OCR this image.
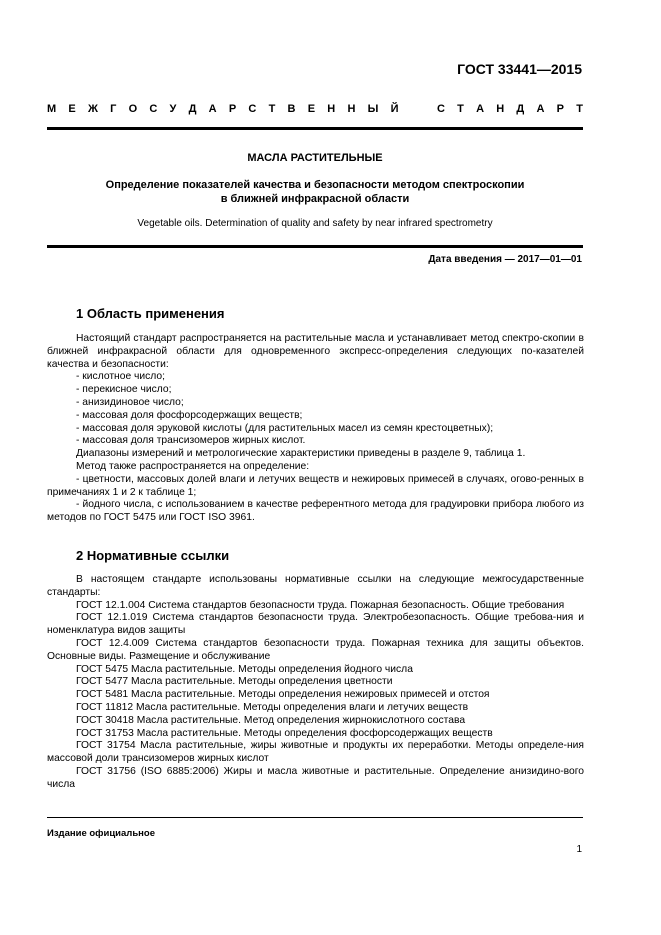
ГОСТ 33441—2015
М Е Ж Г О С У Д А Р С Т В Е Н Н Ы Й	С Т А Н Д А Р Т
МАСЛА РАСТИТЕЛЬНЫЕ
Определение показателей качества и безопасности методом спектроскопии
в ближней инфракрасной области
Vegetable oils. Determination of quality and safety by near infrared spectrometry
Дата введения — 2017—01—01
1 Область применения

Настоящий стандарт распространяется на растительные масла и устанавливает метод спектро-скопии в ближней инфракрасной области для одновременного экспресс-определения следующих по-казателей качества и безопасности:

- кислотное число;

- перекисное число;

- анизидиновое число;

- массовая доля фосфорсодержащих веществ;

- массовая доля эруковой кислоты (для растительных масел из семян крестоцветных);

- массовая доля трансизомеров жирных кислот.

Диапазоны измерений и метрологические характеристики приведены в разделе 9, таблица 1.

Метод также распространяется на определение:

- цветности, массовых долей влаги и летучих веществ и нежировых примесей в случаях, огово-ренных в примечаниях 1 и 2 к таблице 1;

- йодного числа, с использованием в качестве референтного метода для градуировки прибора любого из методов по ГОСТ 5475 или ГОСТ ISO 3961.

2 Нормативные ссылки

В настоящем стандарте использованы нормативные ссылки на следующие межгосударственные стандарты:

ГОСТ 12.1.004 Система стандартов безопасности труда. Пожарная безопасность. Общие требования

ГОСТ 12.1.019 Система стандартов безопасности труда. Электробезопасность. Общие требова-ния и номенклатура видов защиты

ГОСТ 12.4.009 Система стандартов безопасности труда. Пожарная техника для защиты объектов. Основные виды. Размещение и обслуживание

ГОСТ 5475 Масла растительные. Методы определения йодного числа

ГОСТ 5477 Масла растительные. Методы определения цветности

ГОСТ 5481 Масла растительные. Методы определения нежировых примесей и отстоя

ГОСТ 11812 Масла растительные. Методы определения влаги и летучих веществ

ГОСТ 30418 Масла растительные. Метод определения жирнокислотного состава

ГОСТ 31753 Масла растительные. Методы определения фосфорсодержащих веществ

ГОСТ 31754 Масла растительные, жиры животные и продукты их переработки. Методы определе-ния массовой доли трансизомеров жирных кислот

ГОСТ 31756 (ISO 6885:2006) Жиры и масла животные и растительные. Определение анизидино-вого числа

Издание официальное
1
